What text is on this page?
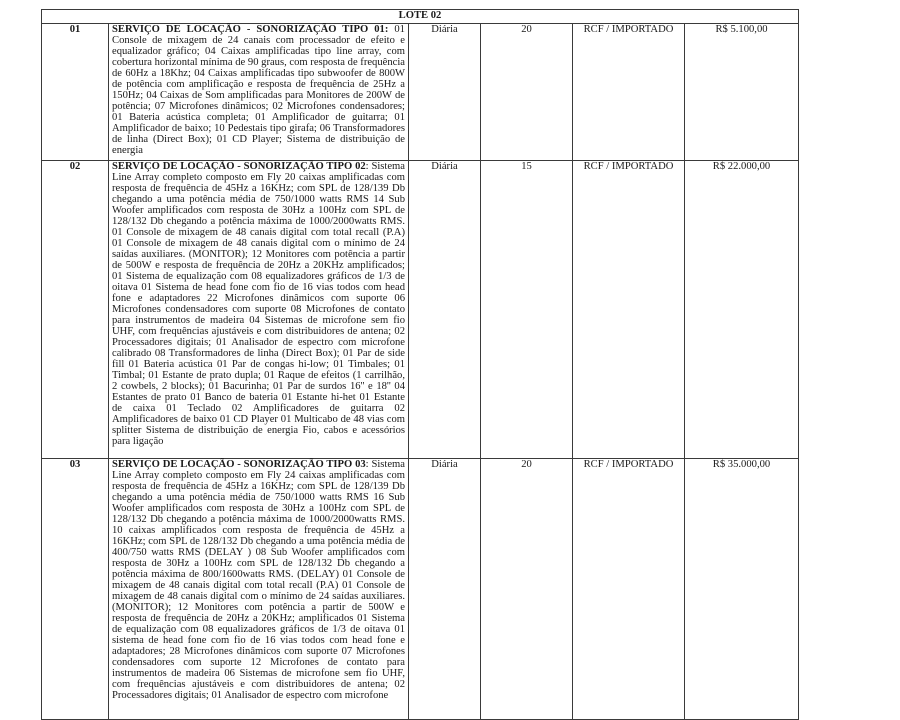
LOTE 02					
01	SERVIÇO DE LOCAÇÃO - SONORIZAÇÃO TIPO 01: 01 Console de mixagem de 24 canais com processador de efeito e equalizador gráfico; 04 Caixas amplificadas tipo line array, com cobertura horizontal mínima de 90 graus, com resposta de frequência de 60Hz a 18Khz; 04 Caixas amplificadas tipo subwoofer de 800W de potência com amplificação e resposta de frequência de 25Hz a 150Hz; 04 Caixas de Som amplificadas para Monitores de 200W de potência; 07 Microfones dinâmicos; 02 Microfones condensadores; 01 Bateria acústica completa; 01 Amplificador de guitarra; 01 Amplificador de baixo; 10 Pedestais tipo girafa; 06 Transformadores de linha (Direct Box); 01 CD Player; Sistema de distribuição de energia	Diária	20	RCF / IMPORTADO	R$ 5.100,00
02	SERVIÇO DE LOCAÇÃO - SONORIZAÇÃO TIPO 02: Sistema Line Array completo composto em Fly 20 caixas amplificadas com resposta de frequência de 45Hz a 16KHz; com SPL de 128/139 Db chegando a uma potência média de 750/1000 watts RMS 14 Sub Woofer amplificados com resposta de 30Hz a 100Hz com SPL de 128/132 Db chegando a potência máxima de 1000/2000watts RMS. 01 Console de mixagem de 48 canais digital com total recall (P.A) 01 Console de mixagem de 48 canais digital com o mínimo de 24 saídas auxiliares. (MONITOR); 12 Monitores com potência a partir de 500W e resposta de frequência de 20Hz a 20KHz amplificados; 01 Sistema de equalização com 08 equalizadores gráficos de 1/3 de oitava 01 Sistema de head fone com fio de 16 vias todos com head fone e adaptadores 22 Microfones dinâmicos com suporte 06 Microfones condensadores com suporte 08 Microfones de contato para instrumentos de madeira 04 Sistemas de microfone sem fio UHF, com frequências ajustáveis e com distribuidores de antena; 02 Processadores digitais; 01 Analisador de espectro com microfone calibrado 08 Transformadores de linha (Direct Box); 01 Par de side fill 01 Bateria acústica 01 Par de congas hi-low; 01 Timbales; 01 Timbal; 01 Estante de prato dupla; 01 Raque de efeitos (1 carrilhão, 2 cowbels, 2 blocks); 01 Bacurinha; 01 Par de surdos 16'' e 18'' 04 Estantes de prato 01 Banco de bateria 01 Estante hi-het 01 Estante de caixa 01 Teclado 02 Amplificadores de guitarra 02 Amplificadores de baixo 01 CD Player 01 Multicabo de 48 vias com splitter Sistema de distribuição de energia Fio, cabos e acessórios para ligação	Diária	15	RCF / IMPORTADO	R$ 22.000,00
03	SERVIÇO DE LOCAÇÃO - SONORIZAÇÃO TIPO 03: Sistema Line Array completo composto em Fly 24 caixas amplificadas com resposta de frequência de 45Hz a 16KHz; com SPL de 128/139 Db chegando a uma potência média de 750/1000 watts RMS 16 Sub Woofer amplificados com resposta de 30Hz a 100Hz com SPL de 128/132 Db chegando a potência máxima de 1000/2000watts RMS. 10 caixas amplificados com resposta de frequência de 45Hz a 16KHz; com SPL de 128/132 Db chegando a uma potência média de 400/750 watts RMS (DELAY ) 08 Sub Woofer amplificados com resposta de 30Hz a 100Hz com SPL de 128/132 Db chegando a potência máxima de 800/1600watts RMS. (DELAY) 01 Console de mixagem de 48 canais digital com total recall (P.A) 01 Console de mixagem de 48 canais digital com o mínimo de 24 saídas auxiliares. (MONITOR); 12 Monitores com potência a partir de 500W e resposta de frequência de 20Hz a 20KHz; amplificados 01 Sistema de equalização com 08 equalizadores gráficos de 1/3 de oitava 01 sistema de head fone com fio de 16 vias todos com head fone e adaptadores; 28 Microfones dinâmicos com suporte 07 Microfones condensadores com suporte 12 Microfones de contato para instrumentos de madeira 06 Sistemas de microfone sem fio UHF, com frequências ajustáveis e com distribuidores de antena; 02 Processadores digitais; 01 Analisador de espectro com microfone	Diária	20	RCF / IMPORTADO	R$ 35.000,00
